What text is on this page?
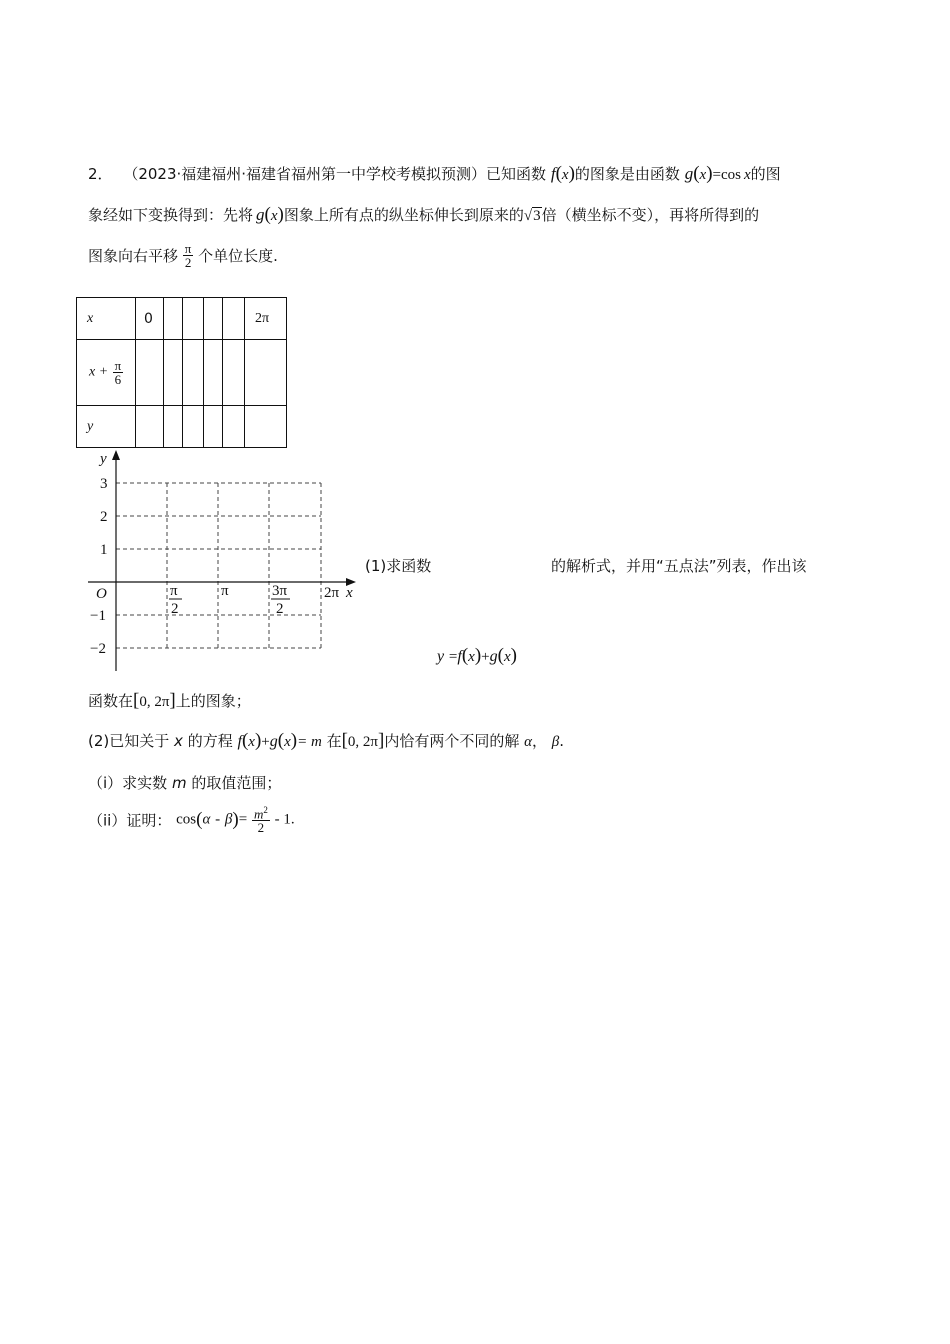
2． （2023·福建福州·福建省福州第一中学校考模拟预测）已知函数 f(x)的图象是由函数 g(x)=cos x的图
象经如下变换得到：先将 g(x)图象上所有点的纵坐标伸长到原来的√3倍（横坐标不变），再将所得到的
图象向右平移 $\frac{\pi}{2}$ 个单位长度.
x	0					2π
$x + \frac{\pi}{6}$

y						
y
x
O
3
2
1
−1
−2
π
2
π	3π
2
2π
(1)求函数	的解析式，并用“五点法”列表，作出该
y =f(x)+g(x)
函数在[0, 2π]上的图象；
(2)已知关于 x 的方程 f(x)+g(x)= m 在[0, 2π]内恰有两个不同的解 α， β.
（i）求实数 m 的取值范围；
（ii）证明： $\cos(\alpha - \beta)= \frac{m^2}{2} - 1$.
